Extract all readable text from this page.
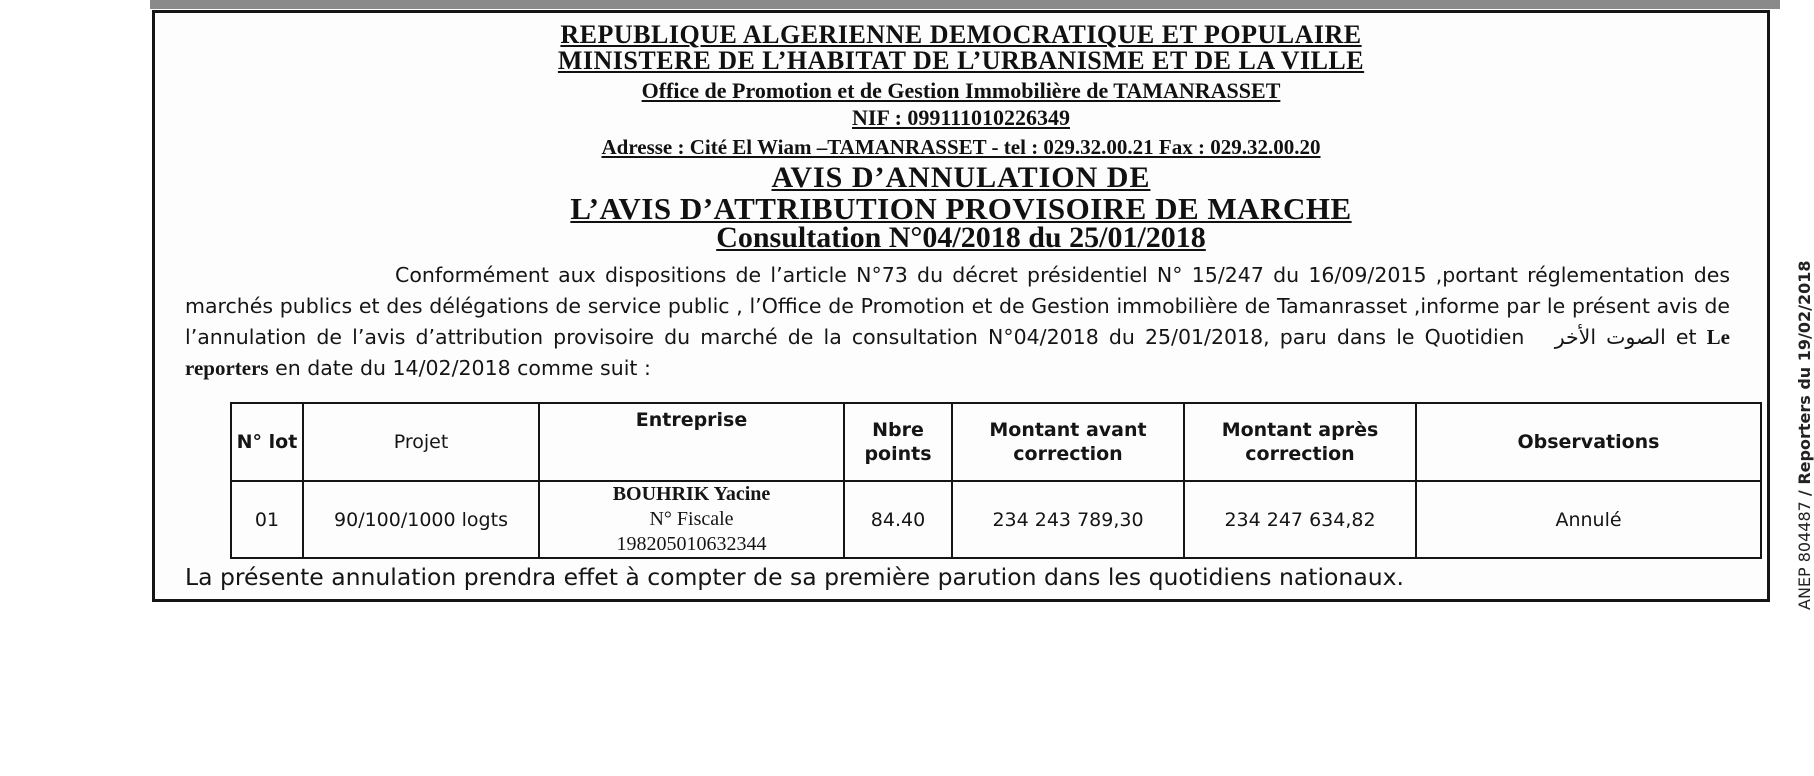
REPUBLIQUE ALGERIENNE DEMOCRATIQUE ET POPULAIRE
MINISTERE DE L’HABITAT DE L’URBANISME ET DE LA VILLE
Office de Promotion et de Gestion Immobilière de TAMANRASSET
NIF : 099111010226349
Adresse : Cité El Wiam –TAMANRASSET - tel : 029.32.00.21 Fax : 029.32.00.20
AVIS D’ANNULATION DE
L’AVIS D’ATTRIBUTION PROVISOIRE DE MARCHE
Consultation N°04/2018 du 25/01/2018
Conformément aux dispositions de l’article N°73 du décret présidentiel N° 15/247 du 16/09/2015 ,portant réglementation des marchés publics et des délégations de service public , l’Office de Promotion et de Gestion immobilière de Tamanrasset ,informe par le présent avis de l’annulation de l’avis d’attribution provisoire du marché de la consultation N°04/2018 du 25/01/2018, paru dans le Quotidien الصوت الأخر et Le reporters en date du 14/02/2018 comme suit :
N° lot	Projet	Entreprise	Nbre points	Montant avant correction	Montant après correction	Observations
01	90/100/1000 logts	BOUHRIK Yacine
N° Fiscale
198205010632344	84.40	234 243 789,30	234 247 634,82	Annulé
La présente annulation prendra effet à compter de sa première parution dans les quotidiens nationaux.	ANEP 804487 / Reporters du 19/02/2018
